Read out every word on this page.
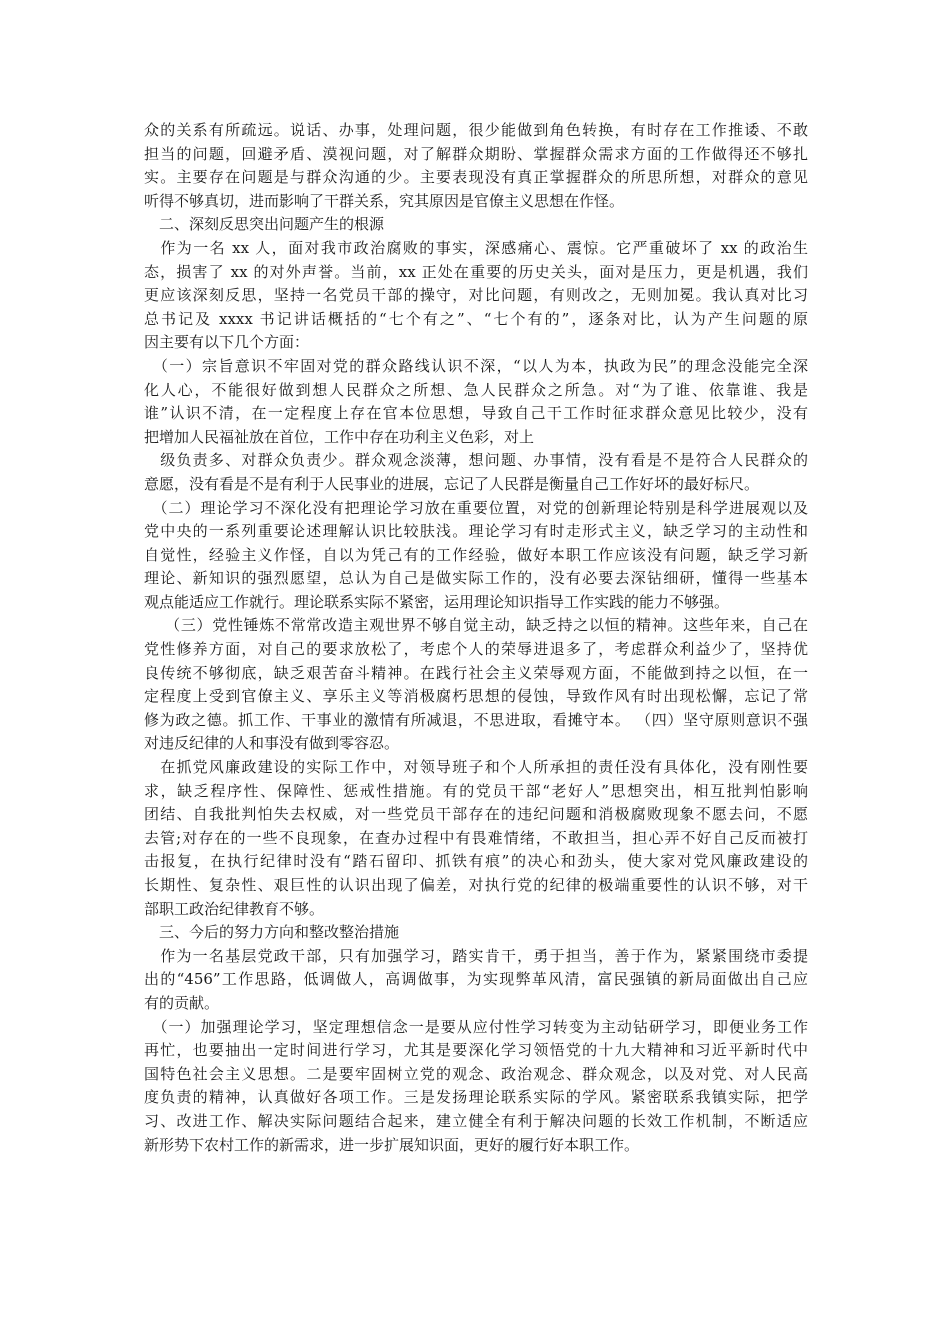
众的关系有所疏远。说话、办事，处理问题，很少能做到角色转换，有时存在工作推诿、不敢
担当的问题，回避矛盾、漠视问题，对了解群众期盼、掌握群众需求方面的工作做得还不够扎
实。主要存在问题是与群众沟通的少。主要表现没有真正掌握群众的所思所想，对群众的意见
听得不够真切，进而影响了干群关系，究其原因是官僚主义思想在作怪。
　二、深刻反思突出问题产生的根源
　作为一名 xx 人，面对我市政治腐败的事实，深感痛心、震惊。它严重破坏了 xx 的政治生
态，损害了 xx 的对外声誉。当前，xx 正处在重要的历史关头，面对是压力，更是机遇，我们
更应该深刻反思，坚持一名党员干部的操守，对比问题，有则改之，无则加冕。我认真对比习
总书记及 xxxx 书记讲话概括的“七个有之”、“七个有的”，逐条对比，认为产生问题的原
因主要有以下几个方面：
　（一）宗旨意识不牢固对党的群众路线认识不深，“以人为本，执政为民”的理念没能完全深
化人心，不能很好做到想人民群众之所想、急人民群众之所急。对“为了谁、依靠谁、我是
谁”认识不清，在一定程度上存在官本位思想，导致自己干工作时征求群众意见比较少，没有
把增加人民福祉放在首位，工作中存在功利主义色彩，对上
　级负责多、对群众负责少。群众观念淡薄，想问题、办事情，没有看是不是符合人民群众的
意愿，没有看是不是有利于人民事业的进展，忘记了人民群是衡量自己工作好坏的最好标尺。
　（二）理论学习不深化没有把理论学习放在重要位置，对党的创新理论特别是科学进展观以及
党中央的一系列重要论述理解认识比较肤浅。理论学习有时走形式主义，缺乏学习的主动性和
自觉性，经验主义作怪，自以为凭己有的工作经验，做好本职工作应该没有问题，缺乏学习新
理论、新知识的强烈愿望，总认为自己是做实际工作的，没有必要去深钻细研，懂得一些基本
观点能适应工作就行。理论联系实际不紧密，运用理论知识指导工作实践的能力不够强。
　 （三）党性锤炼不常常改造主观世界不够自觉主动，缺乏持之以恒的精神。这些年来，自己在
党性修养方面，对自己的要求放松了，考虑个人的荣辱进退多了，考虑群众利益少了，坚持优
良传统不够彻底，缺乏艰苦奋斗精神。在践行社会主义荣辱观方面，不能做到持之以恒，在一
定程度上受到官僚主义、享乐主义等消极腐朽思想的侵蚀，导致作风有时出现松懈，忘记了常
修为政之德。抓工作、干事业的激情有所减退，不思进取，看摊守本。 （四）坚守原则意识不强
对违反纪律的人和事没有做到零容忍。
　在抓党风廉政建设的实际工作中，对领导班子和个人所承担的责任没有具体化，没有刚性要
求，缺乏程序性、保障性、惩戒性措施。有的党员干部“老好人”思想突出，相互批判怕影响
团结、自我批判怕失去权威，对一些党员干部存在的违纪问题和消极腐败现象不愿去问，不愿
去管;对存在的一些不良现象，在查办过程中有畏难情绪，不敢担当，担心弄不好自己反而被打
击报复，在执行纪律时没有“踏石留印、抓铁有痕”的决心和劲头，使大家对党风廉政建设的
长期性、复杂性、艰巨性的认识出现了偏差，对执行党的纪律的极端重要性的认识不够，对干
部职工政治纪律教育不够。
　三、今后的努力方向和整改整治措施
　作为一名基层党政干部，只有加强学习，踏实肯干，勇于担当，善于作为，紧紧围绕市委提
出的“456”工作思路，低调做人，高调做事，为实现弊革风清，富民强镇的新局面做出自己应
有的贡献。
　（一）加强理论学习，坚定理想信念一是要从应付性学习转变为主动钻研学习，即便业务工作
再忙，也要抽出一定时间进行学习，尤其是要深化学习领悟党的十九大精神和习近平新时代中
国特色社会主义思想。二是要牢固树立党的观念、政治观念、群众观念，以及对党、对人民高
度负责的精神，认真做好各项工作。三是发扬理论联系实际的学风。紧密联系我镇实际，把学
习、改进工作、解决实际问题结合起来，建立健全有利于解决问题的长效工作机制，不断适应
新形势下农村工作的新需求，进一步扩展知识面，更好的履行好本职工作。
